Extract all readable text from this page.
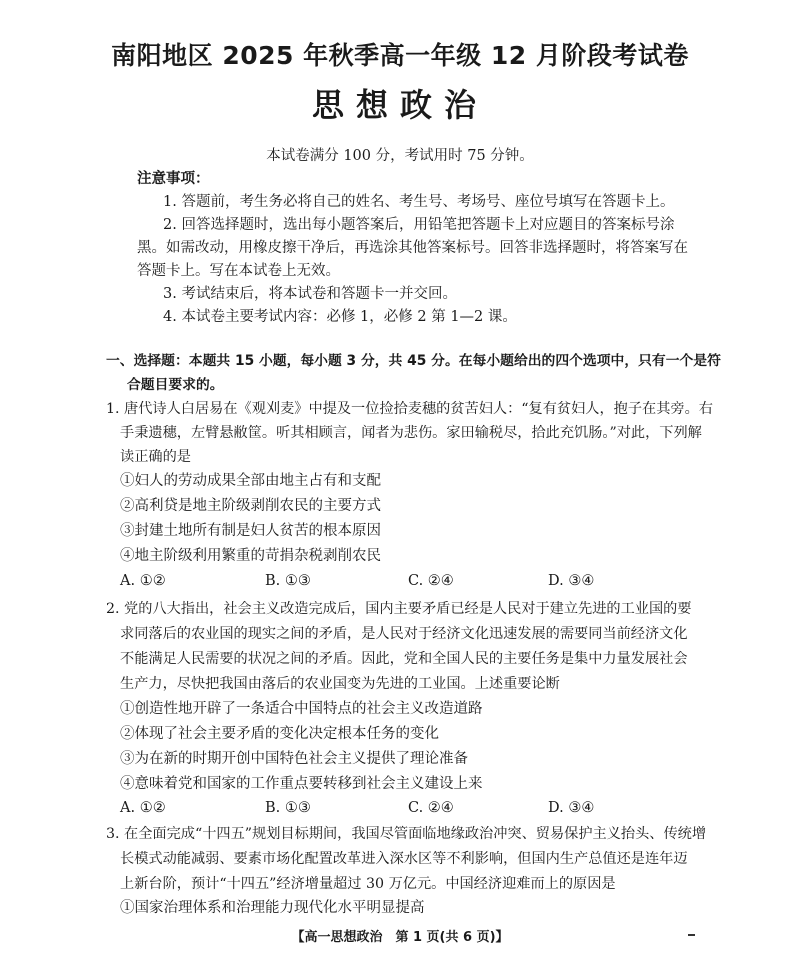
南阳地区 2025 年秋季高一年级 12 月阶段考试卷
思想政治
本试卷满分 100 分，考试用时 75 分钟。
注意事项：
1. 答题前，考生务必将自己的姓名、考生号、考场号、座位号填写在答题卡上。
2. 回答选择题时，选出每小题答案后，用铅笔把答题卡上对应题目的答案标号涂
黑。如需改动，用橡皮擦干净后，再选涂其他答案标号。回答非选择题时，将答案写在
答题卡上。写在本试卷上无效。
3. 考试结束后，将本试卷和答题卡一并交回。
4. 本试卷主要考试内容：必修 1，必修 2 第 1—2 课。
一、选择题：本题共 15 小题，每小题 3 分，共 45 分。在每小题给出的四个选项中，只有一个是符
合题目要求的。
1. 唐代诗人白居易在《观刈麦》中提及一位捡拾麦穗的贫苦妇人：“复有贫妇人，抱子在其旁。右
手秉遗穗，左臂悬敝筐。听其相顾言，闻者为悲伤。家田输税尽，拾此充饥肠。”对此，下列解
读正确的是
①妇人的劳动成果全部由地主占有和支配
②高利贷是地主阶级剥削农民的主要方式
③封建土地所有制是妇人贫苦的根本原因
④地主阶级利用繁重的苛捐杂税剥削农民
A. ①②	B. ①③	C. ②④	D. ③④
2. 党的八大指出，社会主义改造完成后，国内主要矛盾已经是人民对于建立先进的工业国的要
求同落后的农业国的现实之间的矛盾，是人民对于经济文化迅速发展的需要同当前经济文化
不能满足人民需要的状况之间的矛盾。因此，党和全国人民的主要任务是集中力量发展社会
生产力，尽快把我国由落后的农业国变为先进的工业国。上述重要论断
①创造性地开辟了一条适合中国特点的社会主义改造道路
②体现了社会主要矛盾的变化决定根本任务的变化
③为在新的时期开创中国特色社会主义提供了理论准备
④意味着党和国家的工作重点要转移到社会主义建设上来
A. ①②	B. ①③	C. ②④	D. ③④
3. 在全面完成“十四五”规划目标期间，我国尽管面临地缘政治冲突、贸易保护主义抬头、传统增
长模式动能减弱、要素市场化配置改革进入深水区等不利影响，但国内生产总值还是连年迈
上新台阶，预计“十四五”经济增量超过 30 万亿元。中国经济迎难而上的原因是
①国家治理体系和治理能力现代化水平明显提高
【高一思想政治　第 1 页(共 6 页)】
